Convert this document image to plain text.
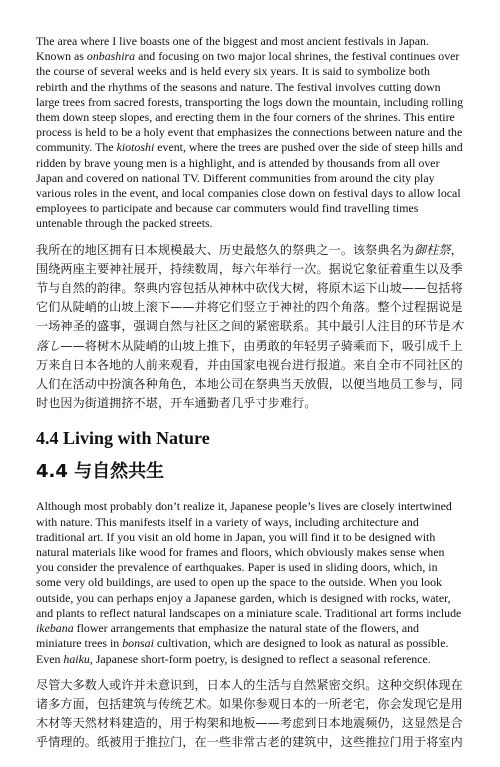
The area where I live boasts one of the biggest and most ancient festivals in Japan. Known as onbashira and focusing on two major local shrines, the festival continues over the course of several weeks and is held every six years. It is said to symbolize both rebirth and the rhythms of the seasons and nature. The festival involves cutting down large trees from sacred forests, transporting the logs down the mountain, including rolling them down steep slopes, and erecting them in the four corners of the shrines. This entire process is held to be a holy event that emphasizes the connections between nature and the community. The kiotoshi event, where the trees are pushed over the side of steep hills and ridden by brave young men is a highlight, and is attended by thousands from all over Japan and covered on national TV. Different communities from around the city play various roles in the event, and local companies close down on festival days to allow local employees to participate and because car commuters would find travelling times untenable through the packed streets.

我所在的地区拥有日本规模最大、历史最悠久的祭典之一。该祭典名为御柱祭，围绕两座主要神社展开，持续数周，每六年举行一次。据说它象征着重生以及季节与自然的韵律。祭典内容包括从神林中砍伐大树，将原木运下山坡——包括将它们从陡峭的山坡上滚下——并将它们竖立于神社的四个角落。整个过程据说是一场神圣的盛事，强调自然与社区之间的紧密联系。其中最引人注目的环节是木落し——将树木从陡峭的山坡上推下，由勇敢的年轻男子骑乘而下，吸引成千上万来自日本各地的人前来观看，并由国家电视台进行报道。来自全市不同社区的人们在活动中扮演各种角色，本地公司在祭典当天放假，以便当地员工参与，同时也因为街道拥挤不堪，开车通勤者几乎寸步难行。

4.4 Living with Nature
4.4 与自然共生

Although most probably don’t realize it, Japanese people’s lives are closely intertwined with nature. This manifests itself in a variety of ways, including architecture and traditional art. If you visit an old home in Japan, you will find it to be designed with natural materials like wood for frames and floors, which obviously makes sense when you consider the prevalence of earthquakes. Paper is used in sliding doors, which, in some very old buildings, are used to open up the space to the outside. When you look outside, you can perhaps enjoy a Japanese garden, which is designed with rocks, water, and plants to reflect natural landscapes on a miniature scale. Traditional art forms include ikebana flower arrangements that emphasize the natural state of the flowers, and miniature trees in bonsai cultivation, which are designed to look as natural as possible. Even haiku, Japanese short-form poetry, is designed to reflect a seasonal reference.

尽管大多数人或许并未意识到，日本人的生活与自然紧密交织。这种交织体现在诸多方面，包括建筑与传统艺术。如果你参观日本的一所老宅，你会发现它是用木材等天然材料建造的，用于构架和地板——考虑到日本地震频仍，这显然是合乎情理的。纸被用于推拉门，在一些非常古老的建筑中，这些推拉门用于将室内
